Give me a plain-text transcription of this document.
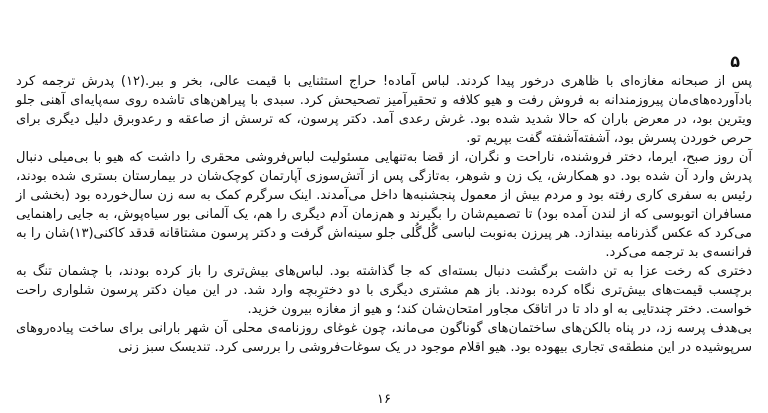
۵

پس از صبحانه مغازه‌ای با ظاهری درخور پیدا کردند. لباس آماده! حراج استثنایی با قیمت عالی، بخر و ببر.(۱۲) پدرش ترجمه کرد بادآورده‌های‌مان پیروزمندانه به فروش رفت و هیو کلافه و تحقیرآمیز تصحیحش کرد. سبدی با پیراهن‌های تاشده روی سه‌پایه‌ای آهنی جلو ویترین بود، در معرض باران که حالا شدید شده بود. غرش رعدی آمد. دکتر پرسون، که ترسش از صاعقه و رعدوبرق دلیل دیگری برای حرص خوردن پسرش بود، آشفته‌آشفته گفت بپریم تو.

آن روز صبح، ایرما، دختر فروشنده، ناراحت و نگران، از قضا به‌تنهایی مسئولیت لباس‌فروشی محقری را داشت که هیو با بی‌میلی دنبال پدرش وارد آن شده بود. دو همکارش، یک زن و شوهر، به‌تازگی پس از آتش‌سوزی آپارتمان کوچک‌شان در بیمارستان بستری شده بودند، رئیس به سفری کاری رفته بود و مردم بیش از معمول پنجشنبه‌ها داخل می‌آمدند. اینک سرگرم کمک به سه زن سال‌خورده بود (بخشی از مسافران اتوبوسی که از لندن آمده بود) تا تصمیم‌شان را بگیرند و هم‌زمان آدم دیگری را هم، یک آلمانی بور سیاه‌پوش، به جایی راهنمایی می‌کرد که عکس گذرنامه بیندازد. هر پیرزن به‌نوبت لباسی گُل‌گُلی جلو سینه‌اش گرفت و دکتر پرسون مشتاقانه قدقد کاکنی(۱۳)شان را به فرانسه‌ی بد ترجمه می‌کرد.

دختری که رخت عزا به تن داشت برگشت دنبال بسته‌ای که جا گذاشته بود. لباس‌های بیش‌تری را باز کرده بودند، با چشمان تنگ به برچسب قیمت‌های بیش‌تری نگاه کرده بودند. باز هم مشتری دیگری با دو دخترِبچه وارد شد. در این میان دکتر پرسون شلواری راحت خواست. دختر چندتایی به او داد تا در اتاقک مجاور امتحان‌شان کند؛ و هیو از مغازه بیرون خزید.

بی‌هدف پرسه زد، در پناه بالکن‌های ساختمان‌های گوناگون می‌ماند، چون غوغای روزنامه‌ی محلی آن شهر بارانی برای ساخت پیاده‌روهای سرپوشیده در این منطقه‌ی تجاری بیهوده بود. هیو اقلام موجود در یک سوغات‌فروشی را بررسی کرد. تندیسک سبز زنی

۱۶
